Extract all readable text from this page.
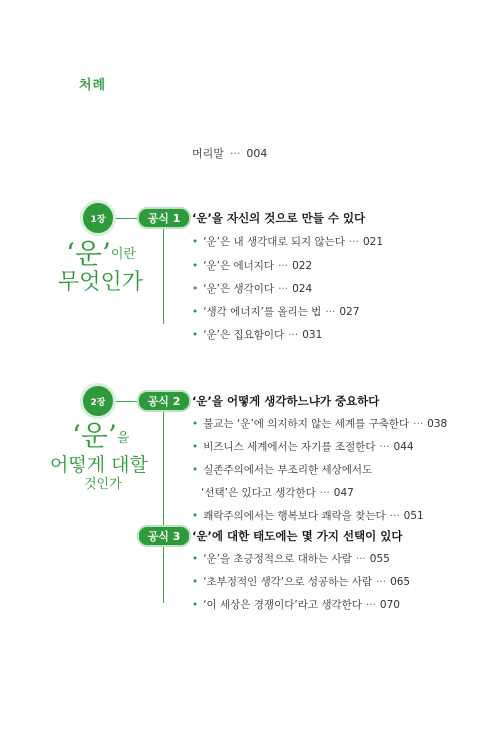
처례
머리말 ··· 004
1장	공식 1
‘운’$^{이란}$
무엇인가
‘운’을 자신의 것으로 만들 수 있다
• ‘운’은 내 생각대로 되지 않는다 ··· 021
• ‘운’은 에너지다 ··· 022
• ‘운’은 생각이다 ··· 024
• ‘생각 에너지’를 올리는 법 ··· 027
• ‘운’은 집요함이다 ··· 031
2장	공식 2
공식 3
‘운’$^을$
어떻게 대할
것인가
‘운’을 어떻게 생각하느냐가 중요하다
• 불교는 ‘운’에 의지하지 않는 세계를 구축한다 ··· 038
• 비즈니스 세계에서는 자기를 조절한다 ··· 044
• 실존주의에서는 부조리한 세상에서도
‘선택’은 있다고 생각한다 ··· 047
• 쾌락주의에서는 행복보다 쾌락을 찾는다 ··· 051
‘운’에 대한 태도에는 몇 가지 선택이 있다
• ‘운’을 초긍정적으로 대하는 사람 ··· 055
• ‘초부정적인 생각’으로 성공하는 사람 ··· 065
• ‘이 세상은 경쟁이다’라고 생각한다 ··· 070
